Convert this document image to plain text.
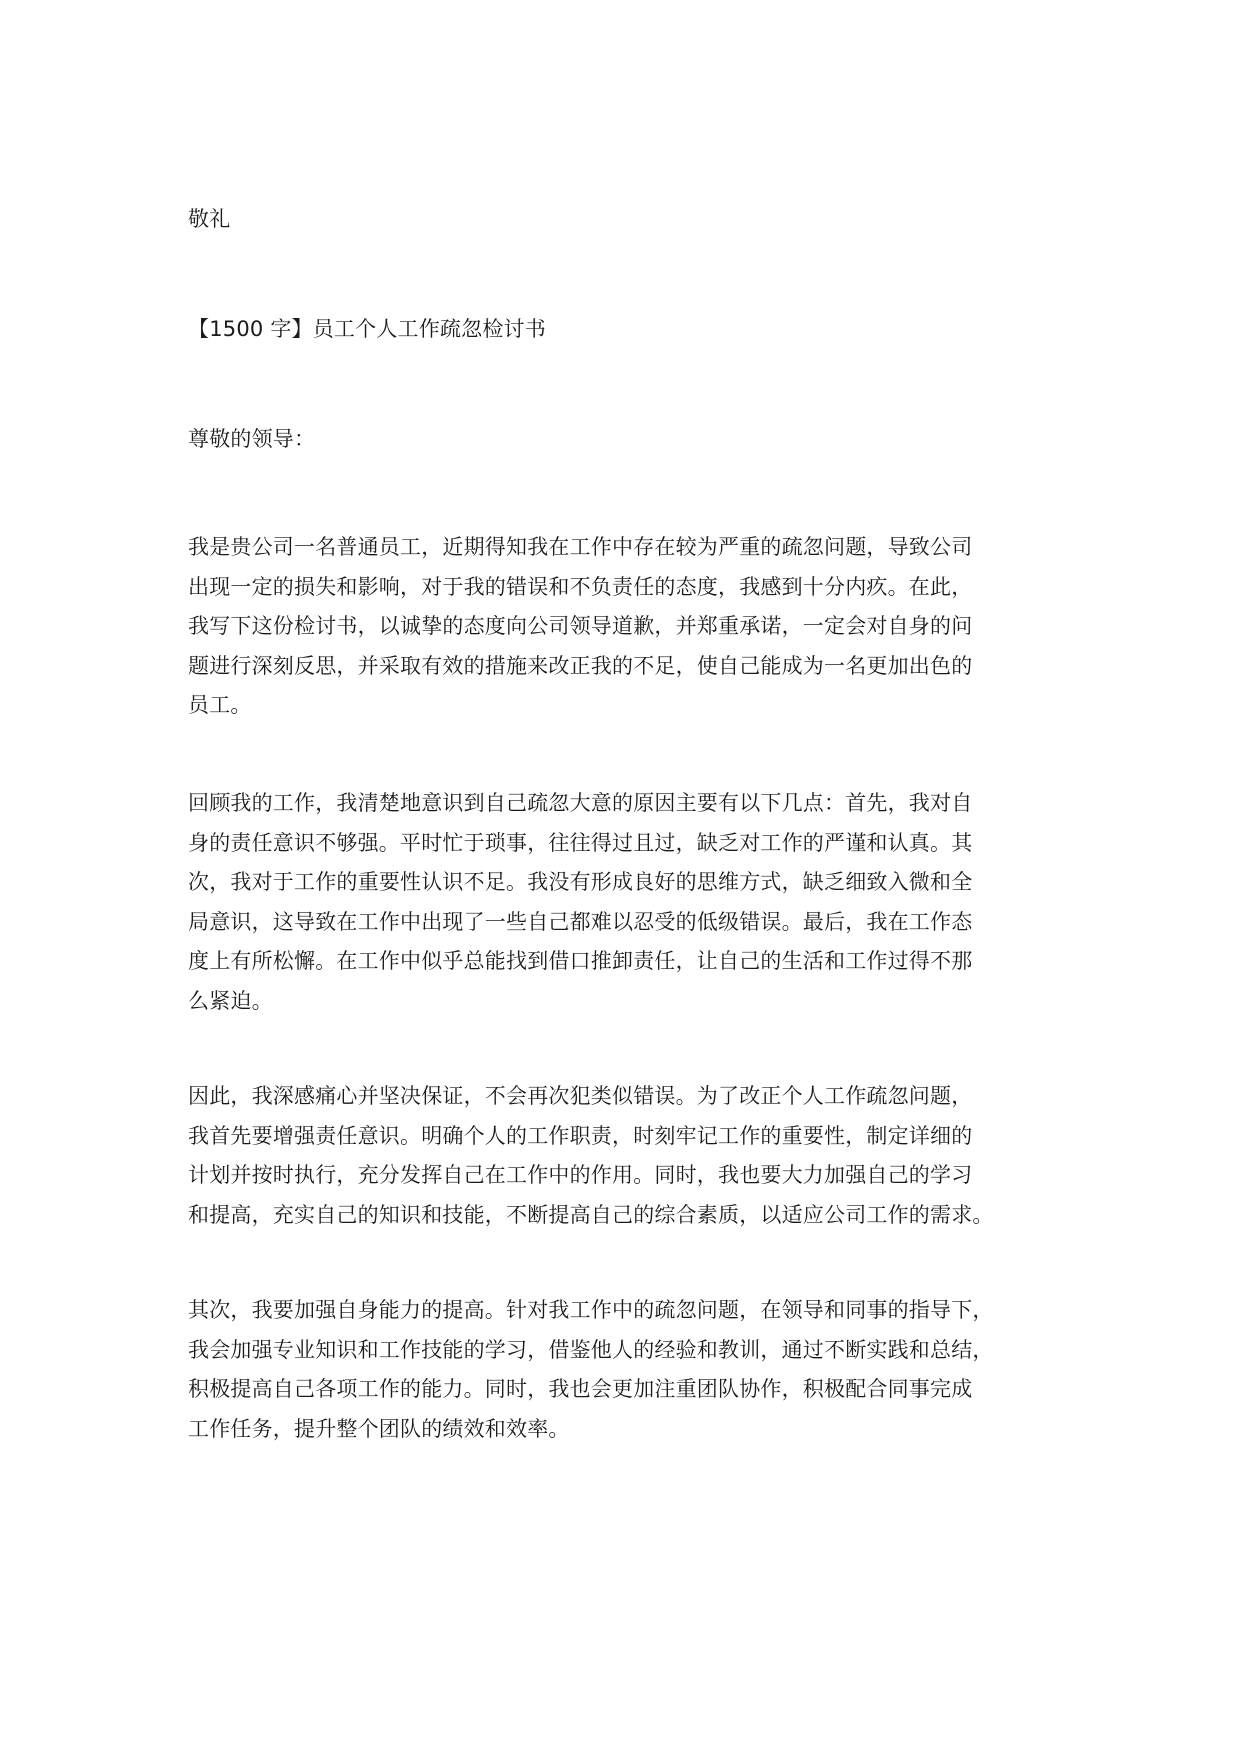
敬礼

【1500 字】员工个人工作疏忽检讨书

尊敬的领导：

我是贵公司一名普通员工，近期得知我在工作中存在较为严重的疏忽问题，导致公司
出现一定的损失和影响，对于我的错误和不负责任的态度，我感到十分内疚。在此，
我写下这份检讨书，以诚挚的态度向公司领导道歉，并郑重承诺，一定会对自身的问
题进行深刻反思，并采取有效的措施来改正我的不足，使自己能成为一名更加出色的
员工。
回顾我的工作，我清楚地意识到自己疏忽大意的原因主要有以下几点：首先，我对自
身的责任意识不够强。平时忙于琐事，往往得过且过，缺乏对工作的严谨和认真。其
次，我对于工作的重要性认识不足。我没有形成良好的思维方式，缺乏细致入微和全
局意识，这导致在工作中出现了一些自己都难以忍受的低级错误。最后，我在工作态
度上有所松懈。在工作中似乎总能找到借口推卸责任，让自己的生活和工作过得不那
么紧迫。
因此，我深感痛心并坚决保证，不会再次犯类似错误。为了改正个人工作疏忽问题，
我首先要增强责任意识。明确个人的工作职责，时刻牢记工作的重要性，制定详细的
计划并按时执行，充分发挥自己在工作中的作用。同时，我也要大力加强自己的学习
和提高，充实自己的知识和技能，不断提高自己的综合素质，以适应公司工作的需求。
其次，我要加强自身能力的提高。针对我工作中的疏忽问题，在领导和同事的指导下，
我会加强专业知识和工作技能的学习，借鉴他人的经验和教训，通过不断实践和总结，
积极提高自己各项工作的能力。同时，我也会更加注重团队协作，积极配合同事完成
工作任务，提升整个团队的绩效和效率。
